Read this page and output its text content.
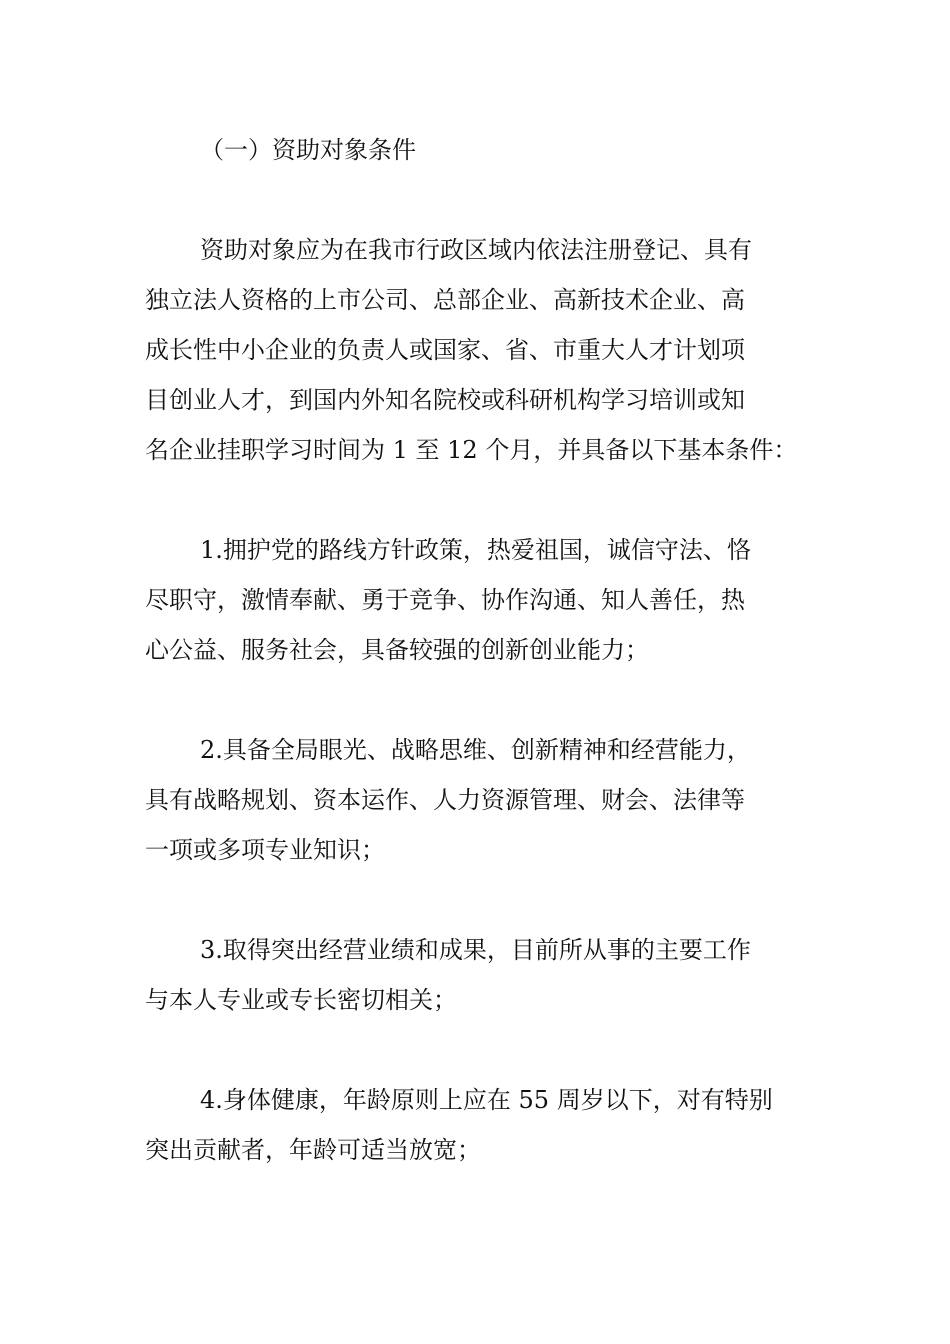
（一）资助对象条件
资助对象应为在我市行政区域内依法注册登记、具有
独立法人资格的上市公司、总部企业、高新技术企业、高
成长性中小企业的负责人或国家、省、市重大人才计划项
目创业人才，到国内外知名院校或科研机构学习培训或知
名企业挂职学习时间为 1 至 12 个月，并具备以下基本条件：
1.拥护党的路线方针政策，热爱祖国，诚信守法、恪
尽职守，激情奉献、勇于竞争、协作沟通、知人善任，热
心公益、服务社会，具备较强的创新创业能力；
2.具备全局眼光、战略思维、创新精神和经营能力，
具有战略规划、资本运作、人力资源管理、财会、法律等
一项或多项专业知识；
3.取得突出经营业绩和成果，目前所从事的主要工作
与本人专业或专长密切相关；
4.身体健康，年龄原则上应在 55 周岁以下，对有特别
突出贡献者，年龄可适当放宽；
